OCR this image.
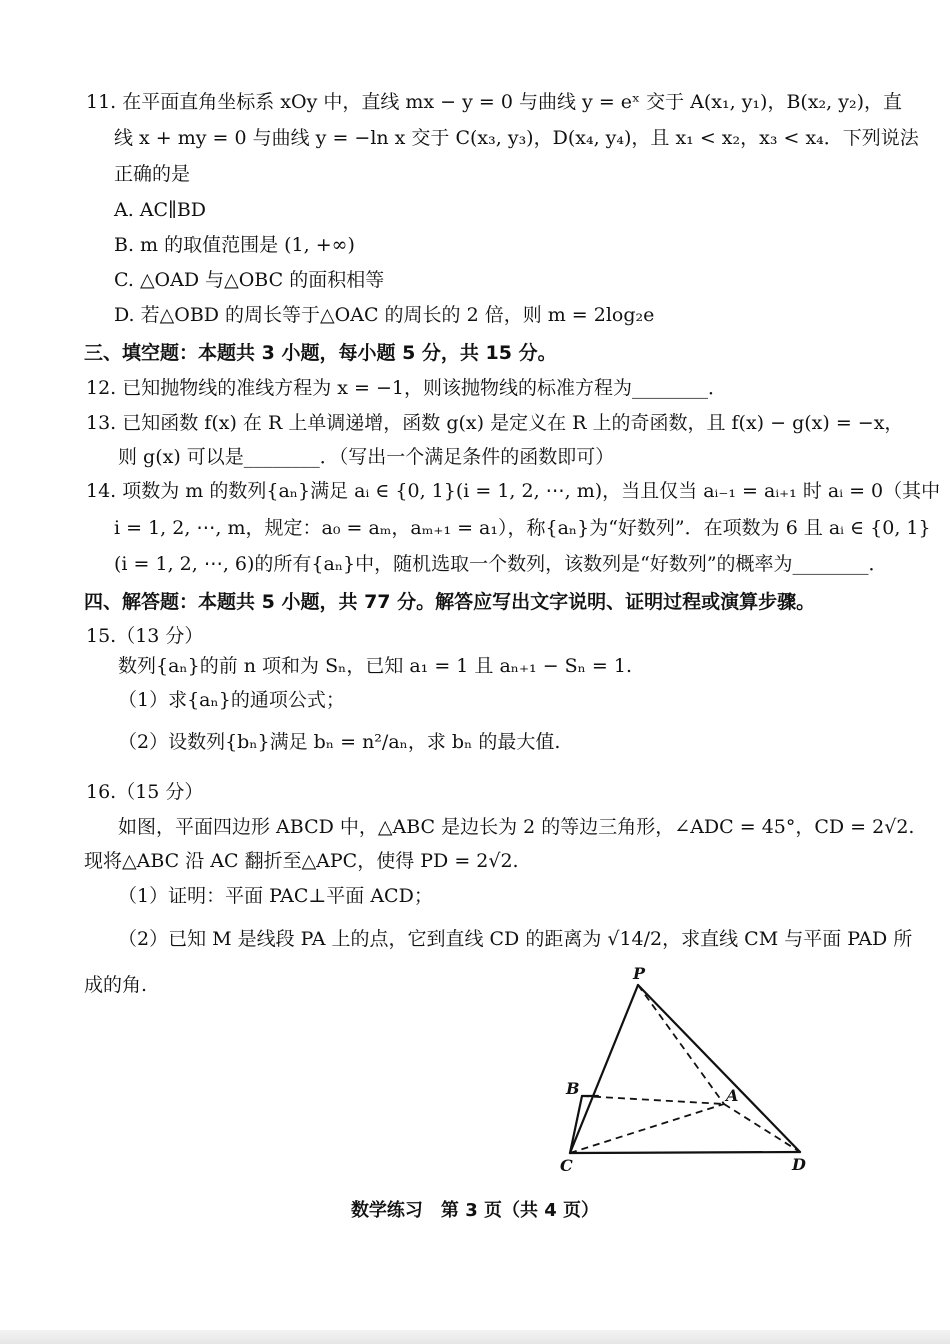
11. 在平面直角坐标系 xOy 中，直线 mx − y = 0 与曲线 y = eˣ 交于 A(x₁, y₁)，B(x₂, y₂)，直
线 x + my = 0 与曲线 y = −ln x 交于 C(x₃, y₃)，D(x₄, y₄)，且 x₁ < x₂，x₃ < x₄．下列说法
正确的是
A. AC∥BD
B. m 的取值范围是 (1, +∞)
C. △OAD 与△OBC 的面积相等
D. 若△OBD 的周长等于△OAC 的周长的 2 倍，则 m = 2log₂e
三、填空题：本题共 3 小题，每小题 5 分，共 15 分。
12. 已知抛物线的准线方程为 x = −1，则该抛物线的标准方程为________．
13. 已知函数 f(x) 在 R 上单调递增，函数 g(x) 是定义在 R 上的奇函数，且 f(x) − g(x) = −x，
则 g(x) 可以是________．（写出一个满足条件的函数即可）
14. 项数为 m 的数列{aₙ}满足 aᵢ ∈ {0, 1}(i = 1, 2, ⋯, m)，当且仅当 aᵢ₋₁ = aᵢ₊₁ 时 aᵢ = 0（其中
i = 1, 2, ⋯, m，规定：a₀ = aₘ，aₘ₊₁ = a₁），称{aₙ}为“好数列”．在项数为 6 且 aᵢ ∈ {0, 1}
(i = 1, 2, ⋯, 6)的所有{aₙ}中，随机选取一个数列，该数列是“好数列”的概率为________．
四、解答题：本题共 5 小题，共 77 分。解答应写出文字说明、证明过程或演算步骤。
15.（13 分）
数列{aₙ}的前 n 项和为 Sₙ，已知 a₁ = 1 且 aₙ₊₁ − Sₙ = 1.
（1）求{aₙ}的通项公式；
（2）设数列{bₙ}满足 bₙ = n²/aₙ，求 bₙ 的最大值.
16.（15 分）
如图，平面四边形 ABCD 中，△ABC 是边长为 2 的等边三角形，∠ADC = 45°，CD = 2√2.
现将△ABC 沿 AC 翻折至△APC，使得 PD = 2√2.
（1）证明：平面 PAC⊥平面 ACD；
（2）已知 M 是线段 PA 上的点，它到直线 CD 的距离为 √14/2，求直线 CM 与平面 PAD 所
成的角.
P
B	A
C	D
数学练习　第 3 页（共 4 页）
